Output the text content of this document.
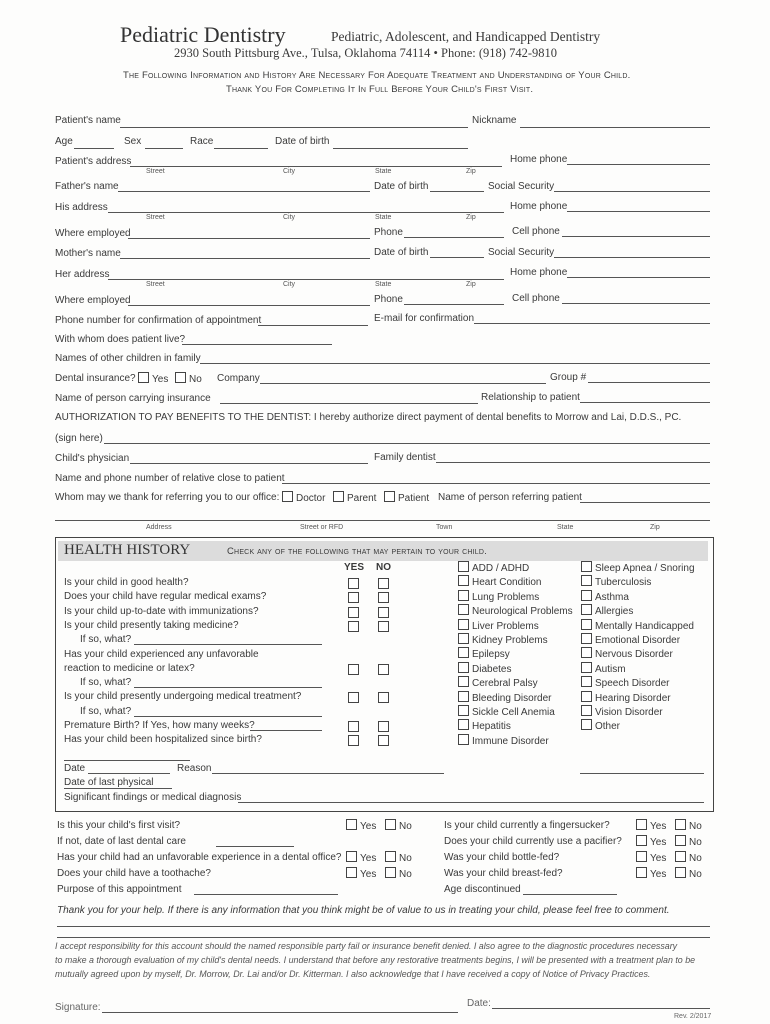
Pediatric Dentistry	Pediatric, Adolescent, and Handicapped Dentistry
2930 South Pittsburg Ave., Tulsa, Oklahoma 74114 • Phone: (918) 742-9810
The Following Information and History Are Necessary For Adequate Treatment and Understanding of Your Child.
Thank You For Completing It In Full Before Your Child's First Visit.
Patient's name	Nickname
Age	Sex	Race	Date of birth
Patient's address	Home phone
Street	City	State	Zip
Father's name	Date of birth	Social Security
His address	Home phone
Street	City	State	Zip
Where employed	Phone	Cell phone
Mother's name	Date of birth	Social Security
Her address	Home phone
Street	City	State	Zip
Where employed	Phone	Cell phone
Phone number for confirmation of appointment	E-mail for confirmation
With whom does patient live?
Names of other children in family
Dental insurance?	Yes	No Company	Group #
Name of person carrying insurance	Relationship to patient
AUTHORIZATION TO PAY BENEFITS TO THE DENTIST: I hereby authorize direct payment of dental benefits to Morrow and Lai, D.D.S., PC.
(sign here)
Child's physician	Family dentist
Name and phone number of relative close to patient
Whom may we thank for referring you to our office:	Doctor	Parent	Patient Name of person referring patient
Address	Street or RFD	Town	State	Zip
HEALTH HISTORY	Check any of the following that may pertain to your child.
YES NO
Is your child in good health?
Does your child have regular medical exams?
Is your child up-to-date with immunizations?
Is your child presently taking medicine?
If so, what?
Has your child experienced any unfavorable
reaction to medicine or latex?
If so, what?
Is your child presently undergoing medical treatment?
If so, what?
Premature Birth? If Yes, how many weeks?
Has your child been hospitalized since birth?
ADD / ADHD
Heart Condition
Lung Problems
Neurological Problems
Liver Problems
Kidney Problems
Epilepsy
Diabetes
Cerebral Palsy
Bleeding Disorder
Sickle Cell Anemia
Hepatitis
Immune Disorder
Sleep Apnea / Snoring
Tuberculosis
Asthma
Allergies
Mentally Handicapped
Emotional Disorder
Nervous Disorder
Autism
Speech Disorder
Hearing Disorder
Vision Disorder
Other
Date	Reason
Date of last physical
Significant findings or medical diagnosis
Is this your child's first visit?	Yes	No
If not, date of last dental care
Has your child had an unfavorable experience in a dental office?	Yes	No
Does your child have a toothache?	Yes	No
Purpose of this appointment
Is your child currently a fingersucker?	Yes	No
Does your child currently use a pacifier?	Yes	No
Was your child bottle-fed?	Yes	No
Was your child breast-fed?	Yes	No
Age discontinued
Thank you for your help. If there is any information that you think might be of value to us in treating your child, please feel free to comment.
I accept responsibility for this account should the named responsible party fail or insurance benefit denied. I also agree to the diagnostic procedures necessary
to make a thorough evaluation of my child's dental needs. I understand that before any restorative treatments begins, I will be presented with a treatment plan to be
mutually agreed upon by myself, Dr. Morrow, Dr. Lai and/or Dr. Kitterman. I also acknowledge that I have received a copy of Notice of Privacy Practices.
Signature:	Date:
Rev. 2/2017
